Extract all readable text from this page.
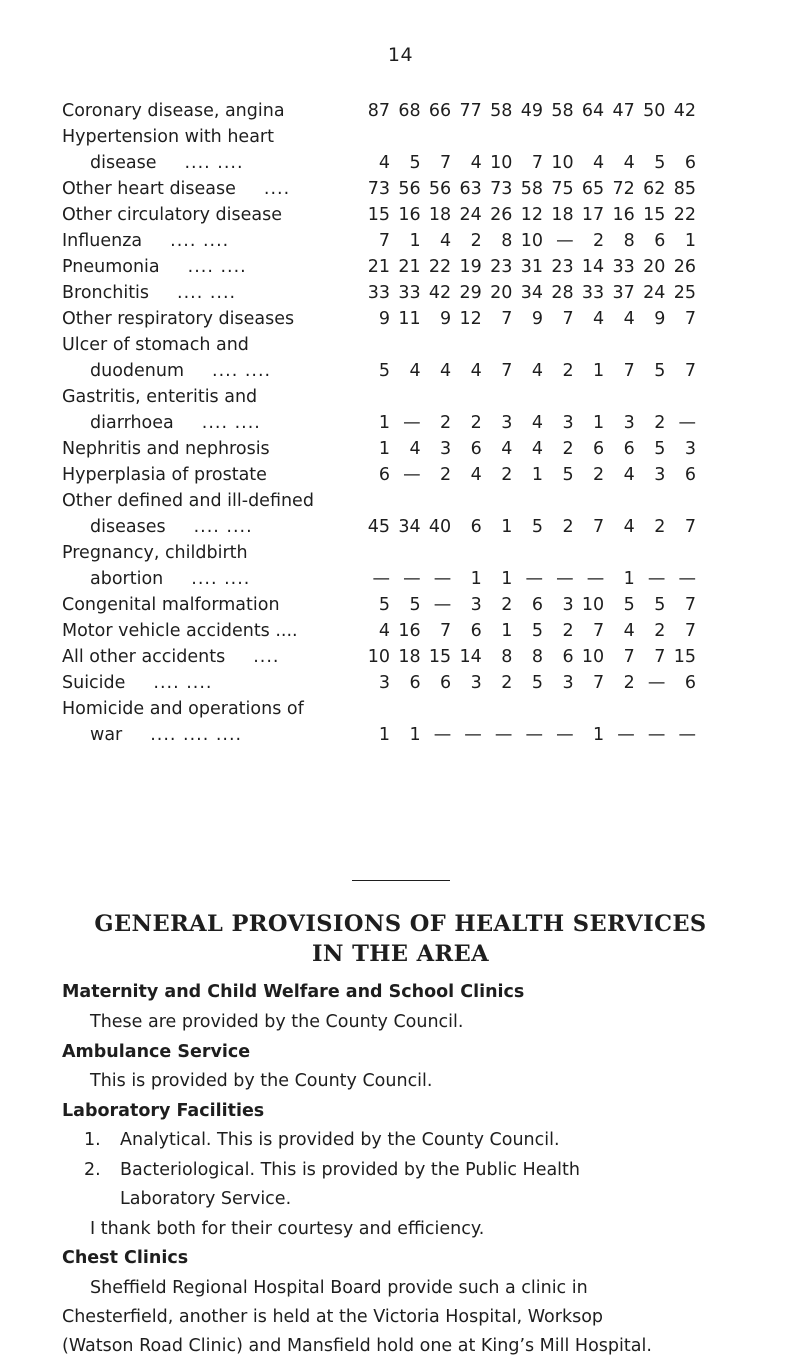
14
Coronary disease, angina	87 68 66 77 58 49 58 64 47 50 42
Hypertension with heart
disease .... ....	4	5	7	4 10	7 10	4	4	5	6
Other heart disease ....	73 56 56 63 73 58 75 65 72 62 85
Other circulatory disease	15 16 18 24 26 12 18 17 16 15 22
Influenza .... ....	7	1	4	2	8 10 —	2	8	6	1
Pneumonia .... ....	21 21 22 19 23 31 23 14 33 20 26
Bronchitis .... ....	33 33 42 29 20 34 28 33 37 24 25
Other respiratory diseases	9 11	9 12	7	9	7	4	4	9	7
Ulcer of stomach and
duodenum .... ....	5	4	4	4	7	4	2	1	7	5	7
Gastritis, enteritis and
diarrhoea .... ....	1 —	2	2	3	4	3	1	3	2 —
Nephritis and nephrosis	1	4	3	6	4	4	2	6	6	5	3
Hyperplasia of prostate	6 —	2	4	2	1	5	2	4	3	6
Other defined and ill-defined
diseases .... ....	45 34 40	6	1	5	2	7	4	2	7
Pregnancy, childbirth
abortion .... ....	— — —	1	1 — — —	1 — —
Congenital malformation	5	5 —	3	2	6	3 10	5	5	7
Motor vehicle accidents ....	4 16	7	6	1	5	2	7	4	2	7
All other accidents ....	10 18 15 14	8	8	6 10	7	7 15
Suicide .... ....	3	6	6	3	2	5	3	7	2 —	6
Homicide and operations of
war .... .... ....	1	1 — — — — —	1 — — —
GENERAL PROVISIONS OF HEALTH SERVICES
IN THE AREA
Maternity and Child Welfare and School Clinics
These are provided by the County Council.
Ambulance Service
This is provided by the County Council.
Laboratory Facilities
1. Analytical. This is provided by the County Council.
2. Bacteriological. This is provided by the Public Health
Laboratory Service.
I thank both for their courtesy and efficiency.
Chest Clinics
Sheffield Regional Hospital Board provide such a clinic in
Chesterfield, another is held at the Victoria Hospital, Worksop
(Watson Road Clinic) and Mansfield hold one at King’s Mill Hospital.
